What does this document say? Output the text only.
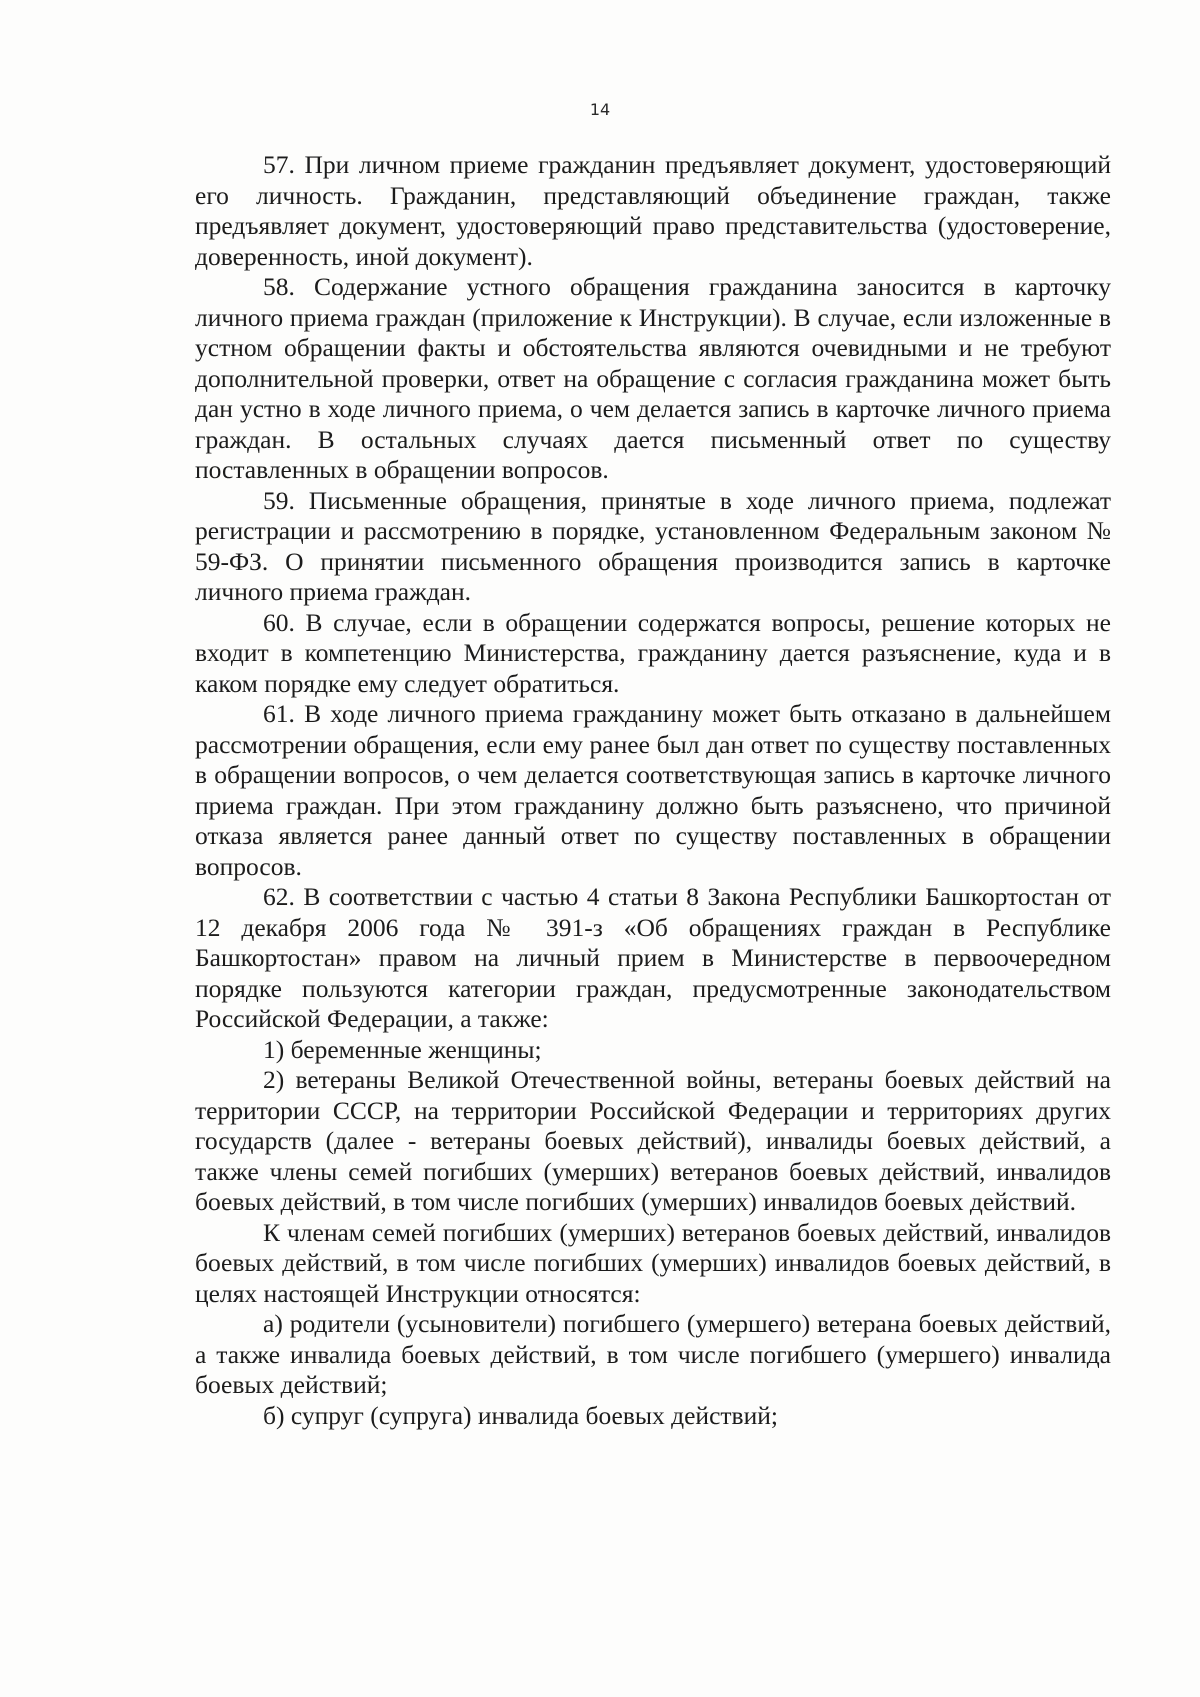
14

57. При личном приеме гражданин предъявляет документ, удостоверяющий его личность. Гражданин, представляющий объединение граждан, также предъявляет документ, удостоверяющий право представительства (удостоверение, доверенность, иной документ).

58. Содержание устного обращения гражданина заносится в карточку личного приема граждан (приложение к Инструкции). В случае, если изложенные в устном обращении факты и обстоятельства являются очевидными и не требуют дополнительной проверки, ответ на обращение с согласия гражданина может быть дан устно в ходе личного приема, о чем делается запись в карточке личного приема граждан. В остальных случаях дается письменный ответ по существу поставленных в обращении вопросов.

59. Письменные обращения, принятые в ходе личного приема, подлежат регистрации и рассмотрению в порядке, установленном Федеральным законом № 59-ФЗ. О принятии письменного обращения производится запись в карточке личного приема граждан.

60. В случае, если в обращении содержатся вопросы, решение которых не входит в компетенцию Министерства, гражданину дается разъяснение, куда и в каком порядке ему следует обратиться.

61. В ходе личного приема гражданину может быть отказано в дальнейшем рассмотрении обращения, если ему ранее был дан ответ по существу поставленных в обращении вопросов, о чем делается соответствующая запись в карточке личного приема граждан. При этом гражданину должно быть разъяснено, что причиной отказа является ранее данный ответ по существу поставленных в обращении вопросов.

62. В соответствии с частью 4 статьи 8 Закона Республики Башкортостан от 12 декабря 2006 года № 391-з «Об обращениях граждан в Республике Башкортостан» правом на личный прием в Министерстве в первоочередном порядке пользуются категории граждан, предусмотренные законодательством Российской Федерации, а также:

1) беременные женщины;

2) ветераны Великой Отечественной войны, ветераны боевых действий на территории СССР, на территории Российской Федерации и территориях других государств (далее - ветераны боевых действий), инвалиды боевых действий, а также члены семей погибших (умерших) ветеранов боевых действий, инвалидов боевых действий, в том числе погибших (умерших) инвалидов боевых действий.

К членам семей погибших (умерших) ветеранов боевых действий, инвалидов боевых действий, в том числе погибших (умерших) инвалидов боевых действий, в целях настоящей Инструкции относятся:

а) родители (усыновители) погибшего (умершего) ветерана боевых действий, а также инвалида боевых действий, в том числе погибшего (умершего) инвалида боевых действий;

б) супруг (супруга) инвалида боевых действий;
